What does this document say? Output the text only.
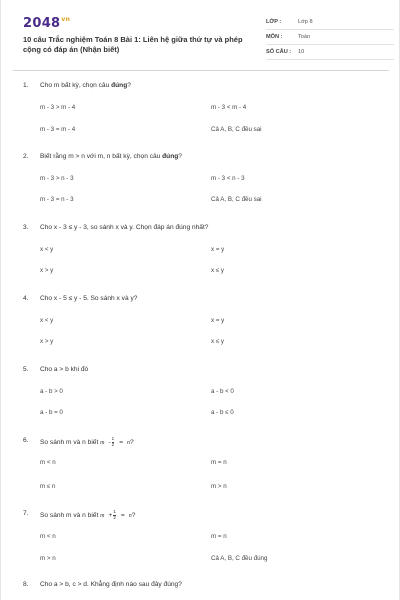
$2048^{vn}$
10 câu Trắc nghiệm Toán 8 Bài 1: Liên hệ giữa thứ tự và phép cộng có đáp án (Nhận biết)
LỚP :	Lớp 8
MÔN :	Toán
SỐ CÂU : 10
1. Cho m bất kỳ, chọn câu đúng?
m - 3 > m - 4	m - 3 < m - 4
m - 3 = m - 4	Cả A, B, C đều sai
2. Biết rằng m > n với m, n bất kỳ, chọn câu đúng?
m - 3 > n - 3	m - 3 < n - 3
m - 3 = n - 3	Cả A, B, C đều sai
3. Cho x - 3 ≤ y - 3, so sánh x và y. Chọn đáp án đúng nhất?
x < y	x = y
x > y	x ≤ y
4. Cho x - 5 ≤ y - 5. So sánh x và y?
x < y	x = y
x > y	x ≤ y
5. Cho a > b khi đó
a - b > 0	a - b < 0
a - b = 0	a - b ≤ 0
6. So sánh m và n biết $m - \frac{1}{2} = n$?
m < n	m = n
m ≤ n	m > n
7. So sánh m và n biết $m + \frac{1}{2} = n$?
m < n	m = n
m > n	Cả A, B, C đều đúng
8. Cho a > b, c > d. Khẳng định nào sau đây đúng?
